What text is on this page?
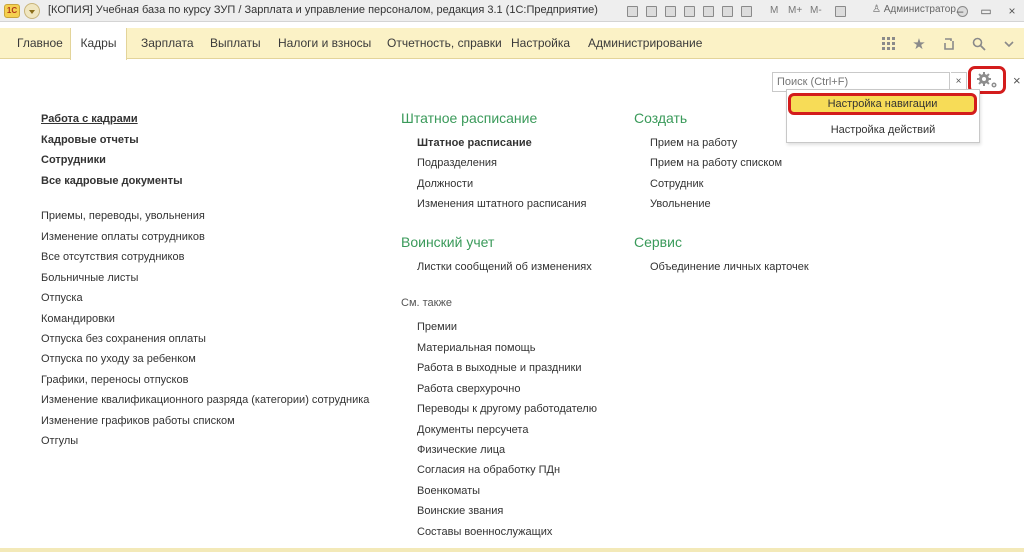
1С	[КОПИЯ] Учебная база по курсу ЗУП / Зарплата и управление персоналом, редакция 3.1 (1С:Предприятие)	M M+ M-	♙ Администратор –	▭	×
Главное	Кадры	Зарплата Выплаты Налоги и взносы Отчетность, справки Настройка Администрирование	★
Поиск (Ctrl+F)
×	×
Настройка навигации
Настройка действий
Работа с кадрами
Кадровые отчеты
Сотрудники
Все кадровые документы
Приемы, переводы, увольнения
Изменение оплаты сотрудников
Все отсутствия сотрудников
Больничные листы
Отпуска
Командировки
Отпуска без сохранения оплаты
Отпуска по уходу за ребенком
Графики, переносы отпусков
Изменение квалификационного разряда (категории) сотрудника
Изменение графиков работы списком
Отгулы
Штатное расписание
Штатное расписание
Подразделения
Должности
Изменения штатного расписания
Воинский учет
Листки сообщений об изменениях
См. также
Премии
Материальная помощь
Работа в выходные и праздники
Работа сверхурочно
Переводы к другому работодателю
Документы персучета
Физические лица
Согласия на обработку ПДн
Военкоматы
Воинские звания
Составы военнослужащих
Создать
Прием на работу
Прием на работу списком
Сотрудник
Увольнение
Сервис
Объединение личных карточек
